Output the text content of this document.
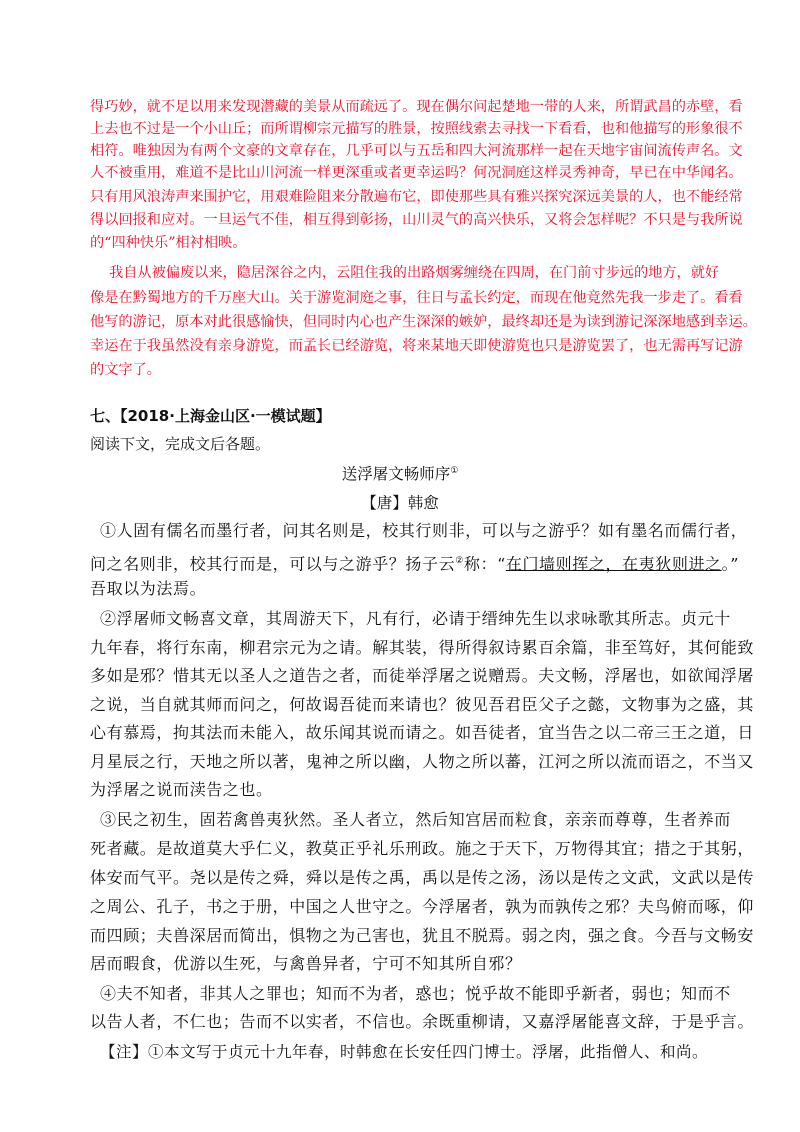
得巧妙，就不足以用来发现潜藏的美景从而疏远了。现在偶尔问起楚地一带的人来，所谓武昌的赤壁，看
上去也不过是一个小山丘；而所谓柳宗元描写的胜景，按照线索去寻找一下看看，也和他描写的形象很不
相符。唯独因为有两个文豪的文章存在，几乎可以与五岳和四大河流那样一起在天地宇宙间流传声名。文
人不被重用，难道不是比山川河流一样更深重或者更幸运吗？何况洞庭这样灵秀神奇，早已在中华闻名。
只有用风浪涛声来围护它，用艰难险阻来分散遍布它，即使那些具有雅兴探究深远美景的人，也不能经常
得以回报和应对。一旦运气不佳，相互得到彰扬，山川灵气的高兴快乐，又将会怎样呢？不只是与我所说
的“四种快乐”相衬相映。
我自从被偏废以来，隐居深谷之内，云阻住我的出路烟雾缠绕在四周，在门前寸步远的地方，就好
像是在黔蜀地方的千万座大山。关于游览洞庭之事，往日与孟长约定，而现在他竟然先我一步走了。看看
他写的游记，原本对此很感愉快，但同时内心也产生深深的嫉妒，最终却还是为读到游记深深地感到幸运。
幸运在于我虽然没有亲身游览，而孟长已经游览，将来某地天即使游览也只是游览罢了，也无需再写记游
的文字了。
七、【2018·上海金山区·一模试题】
阅读下文，完成文后各题。
送浮屠文畅师序①
【唐】韩愈
①人固有儒名而墨行者，问其名则是，校其行则非，可以与之游乎？如有墨名而儒行者，
问之名则非，校其行而是，可以与之游乎？扬子云②称：“在门墙则挥之，在夷狄则进之。”
吾取以为法焉。
②浮屠师文畅喜文章，其周游天下，凡有行，必请于缙绅先生以求咏歌其所志。贞元十
九年春，将行东南，柳君宗元为之请。解其装，得所得叙诗累百余篇，非至笃好，其何能致
多如是邪？惜其无以圣人之道告之者，而徒举浮屠之说赠焉。夫文畅，浮屠也，如欲闻浮屠
之说，当自就其师而问之，何故谒吾徒而来请也？彼见吾君臣父子之懿，文物事为之盛，其
心有慕焉，拘其法而未能入，故乐闻其说而请之。如吾徒者，宜当告之以二帝三王之道，日
月星辰之行，天地之所以著，鬼神之所以幽，人物之所以蕃，江河之所以流而语之，不当又
为浮屠之说而渎告之也。
③民之初生，固若禽兽夷狄然。圣人者立，然后知宫居而粒食，亲亲而尊尊，生者养而
死者藏。是故道莫大乎仁义，教莫正乎礼乐刑政。施之于天下，万物得其宜；措之于其躬，
体安而气平。尧以是传之舜，舜以是传之禹，禹以是传之汤，汤以是传之文武，文武以是传
之周公、孔子，书之于册，中国之人世守之。今浮屠者，孰为而孰传之邪？夫鸟俯而啄，仰
而四顾；夫兽深居而简出，惧物之为己害也，犹且不脱焉。弱之肉，强之食。今吾与文畅安
居而暇食，优游以生死，与禽兽异者，宁可不知其所自邪？
④夫不知者，非其人之罪也；知而不为者，惑也；悦乎故不能即乎新者，弱也；知而不
以告人者，不仁也；告而不以实者，不信也。余既重柳请，又嘉浮屠能喜文辞，于是乎言。
【注】①本文写于贞元十九年春，时韩愈在长安任四门博士。浮屠，此指僧人、和尚。
